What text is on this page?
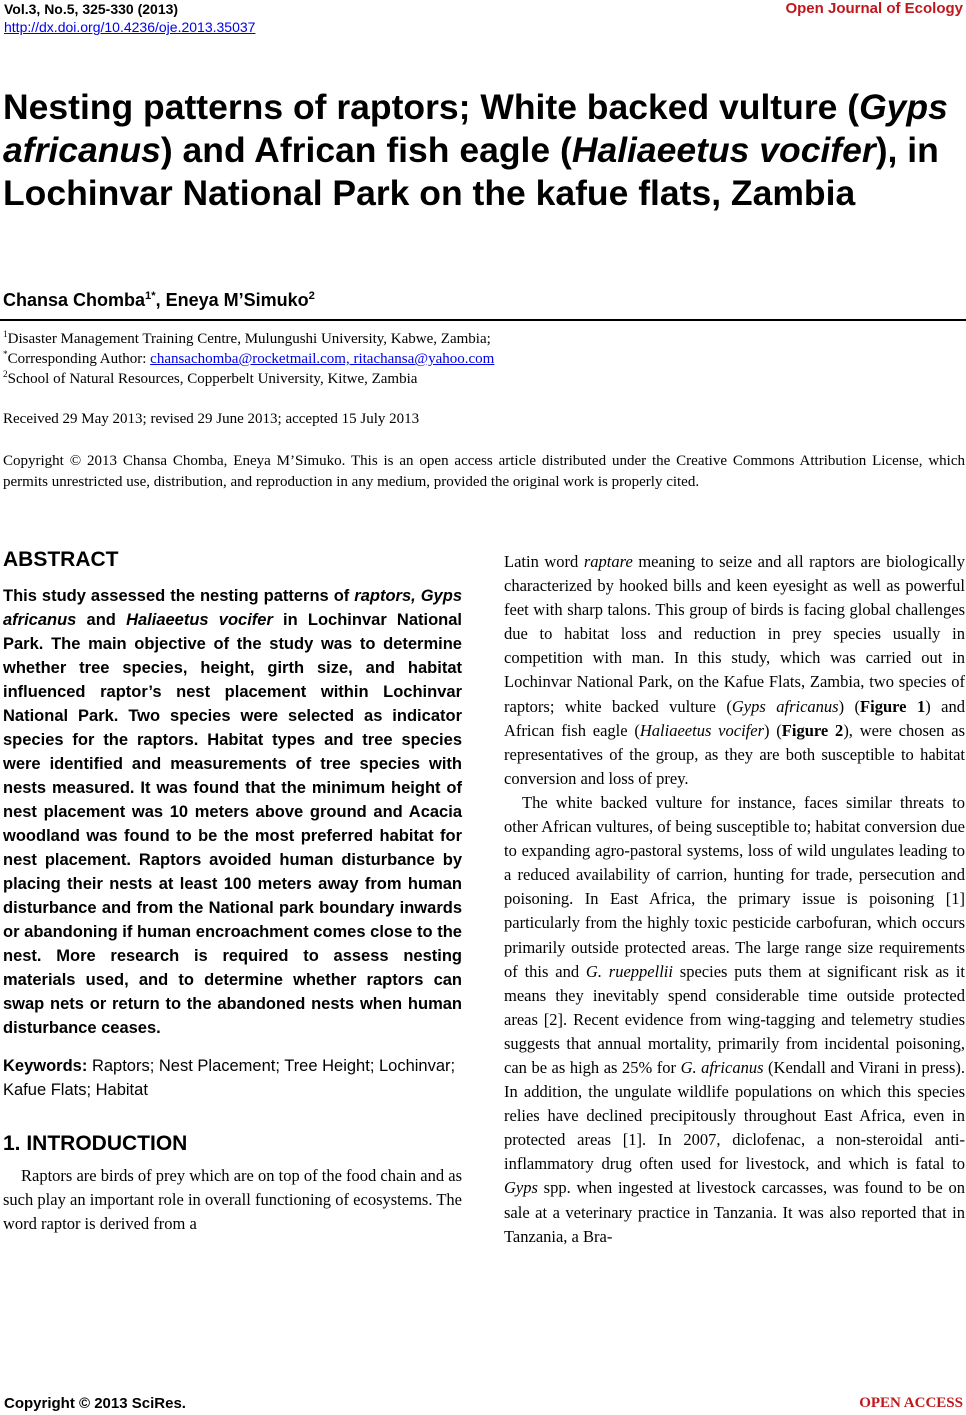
Vol.3, No.5, 325-330 (2013)
http://dx.doi.org/10.4236/oje.2013.35037
Open Journal of Ecology
Nesting patterns of raptors; White backed vulture (Gyps africanus) and African fish eagle (Haliaeetus vocifer), in Lochinvar National Park on the kafue flats, Zambia
Chansa Chomba$^{1*}$, Eneya M’Simuko$^2$
$^1$Disaster Management Training Centre, Mulungushi University, Kabwe, Zambia;
*Corresponding Author: chansachomba@rocketmail.com, ritachansa@yahoo.com
$^2$School of Natural Resources, Copperbelt University, Kitwe, Zambia
Received 29 May 2013; revised 29 June 2013; accepted 15 July 2013
Copyright © 2013 Chansa Chomba, Eneya M’Simuko. This is an open access article distributed under the Creative Commons Attribution License, which permits unrestricted use, distribution, and reproduction in any medium, provided the original work is properly cited.
ABSTRACT

This study assessed the nesting patterns of raptors, Gyps africanus and Haliaeetus vocifer in Lochinvar National Park. The main objective of the study was to determine whether tree species, height, girth size, and habitat influenced raptor’s nest placement within Lochinvar National Park. Two species were selected as indicator species for the raptors. Habitat types and tree species were identified and measurements of tree species with nests measured. It was found that the minimum height of nest placement was 10 meters above ground and Acacia woodland was found to be the most preferred habitat for nest placement. Raptors avoided human disturbance by placing their nests at least 100 meters away from human disturbance and from the National park boundary inwards or abandoning if human encroachment comes close to the nest. More research is required to assess nesting materials used, and to determine whether raptors can swap nets or return to the abandoned nests when human disturbance ceases.

Keywords: Raptors; Nest Placement; Tree Height; Lochinvar; Kafue Flats; Habitat

1. INTRODUCTION

Raptors are birds of prey which are on top of the food chain and as such play an important role in overall functioning of ecosystems. The word raptor is derived from a

Latin word raptare meaning to seize and all raptors are biologically characterized by hooked bills and keen eyesight as well as powerful feet with sharp talons. This group of birds is facing global challenges due to habitat loss and reduction in prey species usually in competition with man. In this study, which was carried out in Lochinvar National Park, on the Kafue Flats, Zambia, two species of raptors; white backed vulture (Gyps africanus) (Figure 1) and African fish eagle (Haliaeetus vocifer) (Figure 2), were chosen as representatives of the group, as they are both susceptible to habitat conversion and loss of prey.

The white backed vulture for instance, faces similar threats to other African vultures, of being susceptible to; habitat conversion due to expanding agro-pastoral systems, loss of wild ungulates leading to a reduced availability of carrion, hunting for trade, persecution and poisoning. In East Africa, the primary issue is poisoning [1] particularly from the highly toxic pesticide carbofuran, which occurs primarily outside protected areas. The large range size requirements of this and G. rueppellii species puts them at significant risk as it means they inevitably spend considerable time outside protected areas [2]. Recent evidence from wing-tagging and telemetry studies suggests that annual mortality, primarily from incidental poisoning, can be as high as 25% for G. africanus (Kendall and Virani in press). In addition, the ungulate wildlife populations on which this species relies have declined precipitously throughout East Africa, even in protected areas [1]. In 2007, diclofenac, a non-steroidal anti-inflammatory drug often used for livestock, and which is fatal to Gyps spp. when ingested at livestock carcasses, was found to be on sale at a veterinary practice in Tanzania. It was also reported that in Tanzania, a Bra-

Copyright © 2013 SciRes.	OPEN ACCESS
